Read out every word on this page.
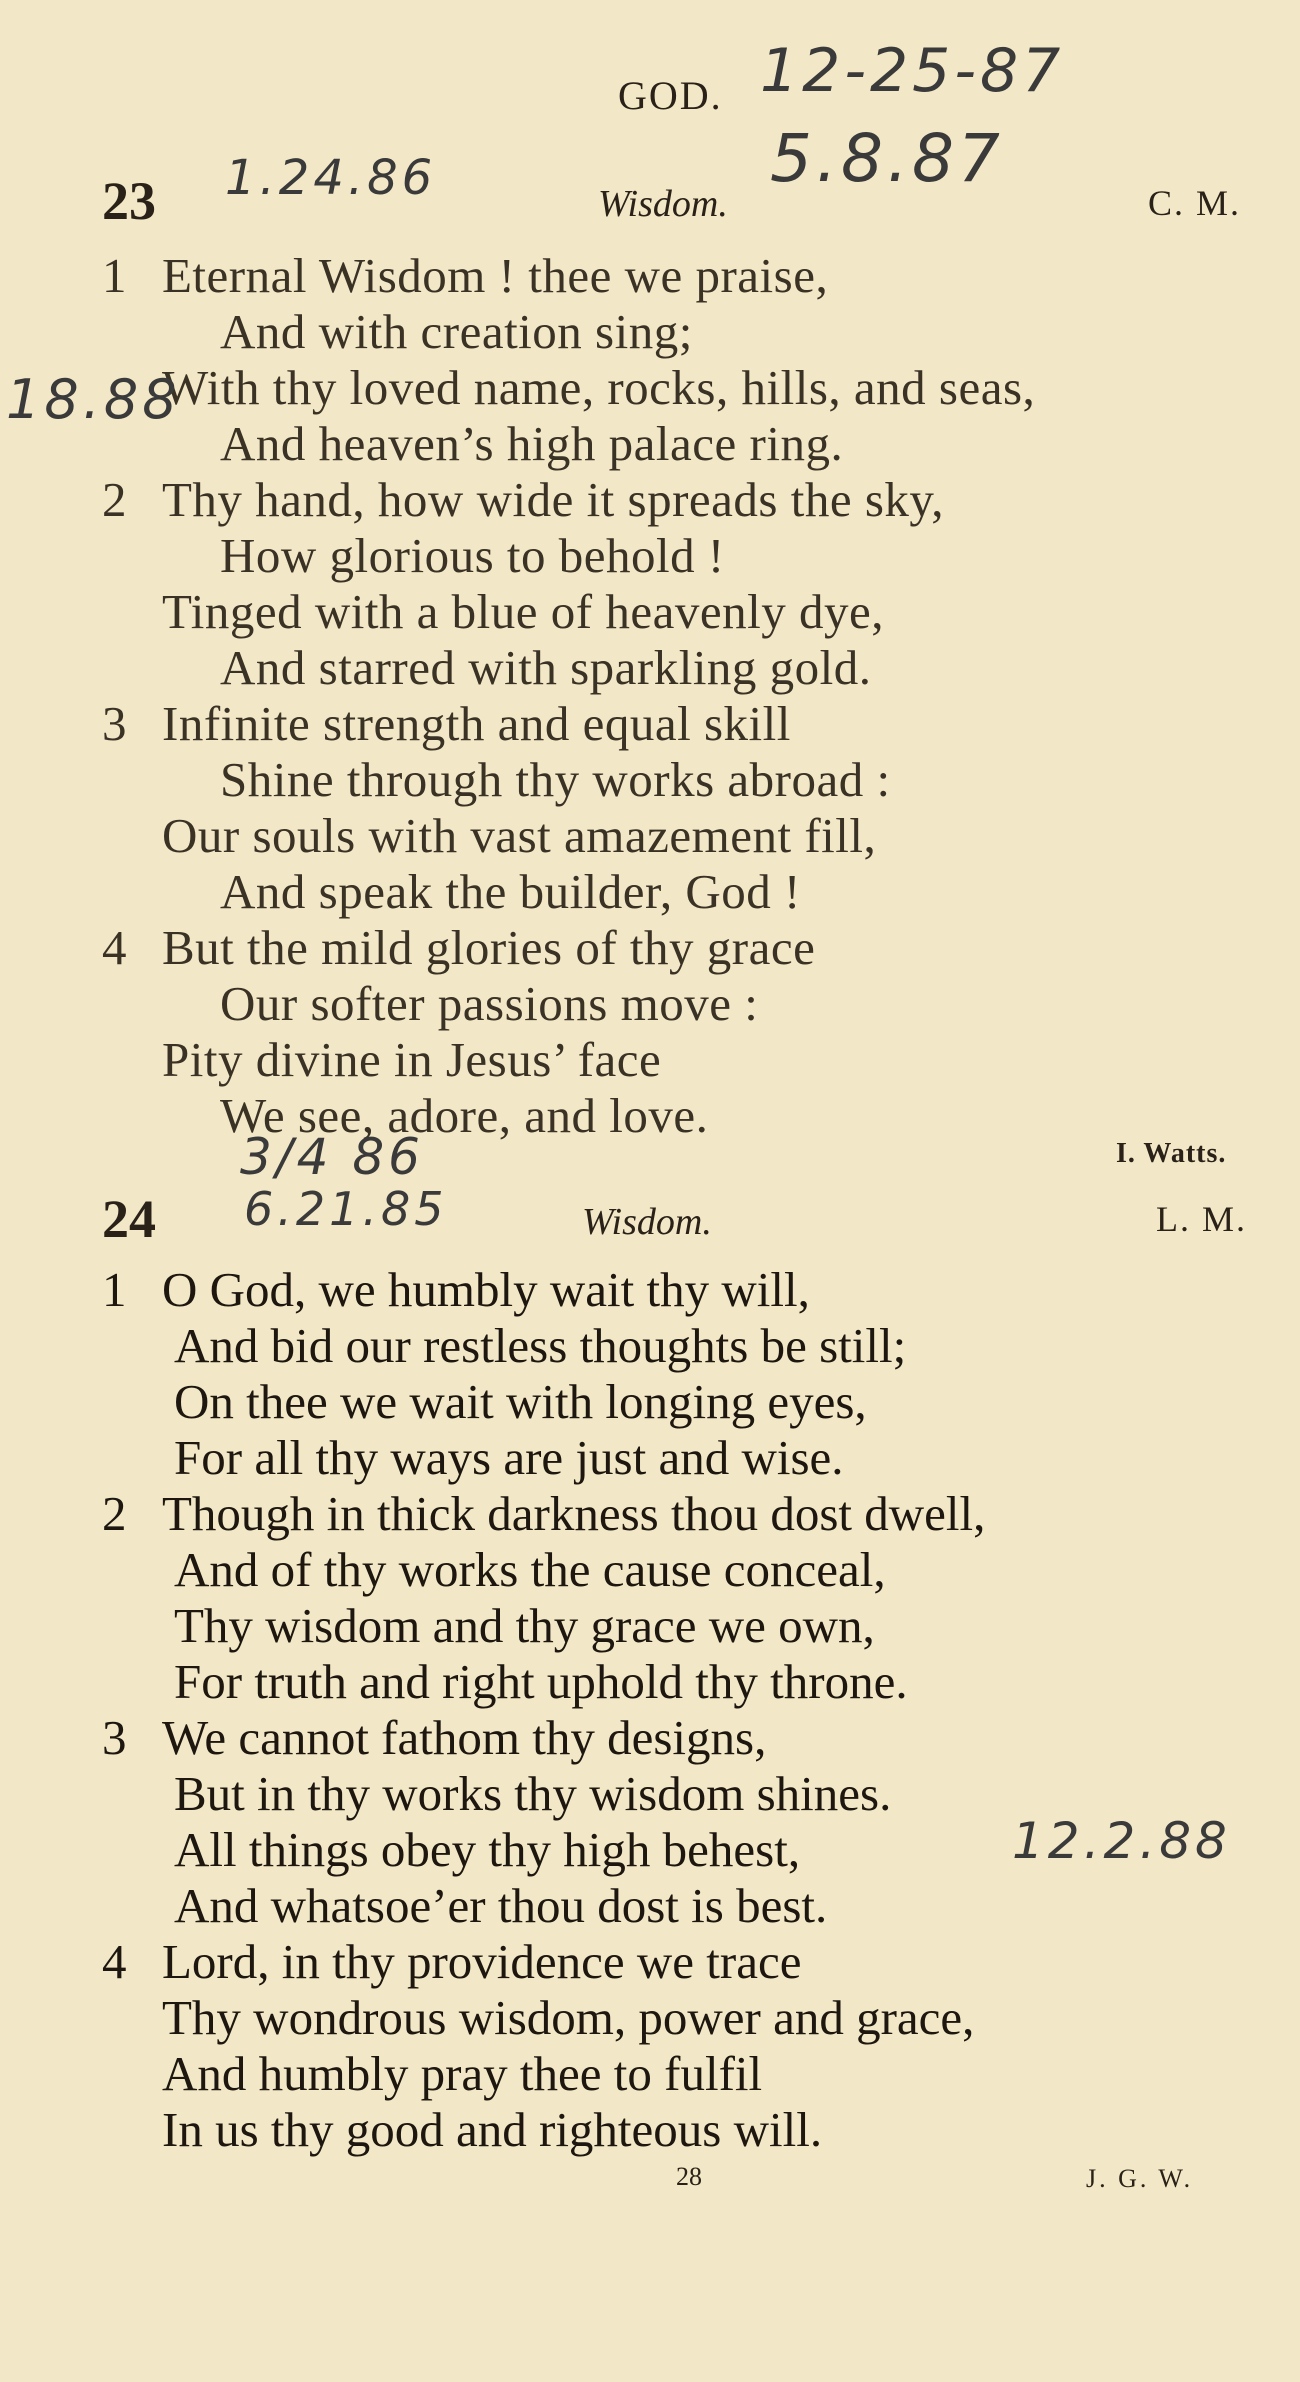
GOD. 12-25-87
23 1.24.86	Wisdom.
5.8.87
C. M.
1 Eternal Wisdom ! thee we praise,
And with creation sing;
With thy loved name, rocks, hills, and seas,
And heaven’s high palace ring.
2 Thy hand, how wide it spreads the sky,
How glorious to behold !
Tinged with a blue of heavenly dye,
And starred with sparkling gold.
3 Infinite strength and equal skill
Shine through thy works abroad :
Our souls with vast amazement fill,
And speak the builder, God !
4 But the mild glories of thy grace
Our softer passions move :
Pity divine in Jesus’ face
We see, adore, and love.
18.88
I. Watts.
3/4 86
24 6.21.85	Wisdom.	L. M.
1 O God, we humbly wait thy will,
And bid our restless thoughts be still;
On thee we wait with longing eyes,
For all thy ways are just and wise.
2 Though in thick darkness thou dost dwell,
And of thy works the cause conceal,
Thy wisdom and thy grace we own,
For truth and right uphold thy throne.
3 We cannot fathom thy designs,
But in thy works thy wisdom shines.
All things obey thy high behest,
And whatsoe’er thou dost is best.
4 Lord, in thy providence we trace
Thy wondrous wisdom, power and grace,
And humbly pray thee to fulfil
In us thy good and righteous will.
12.2.88
28	J. G. W.
